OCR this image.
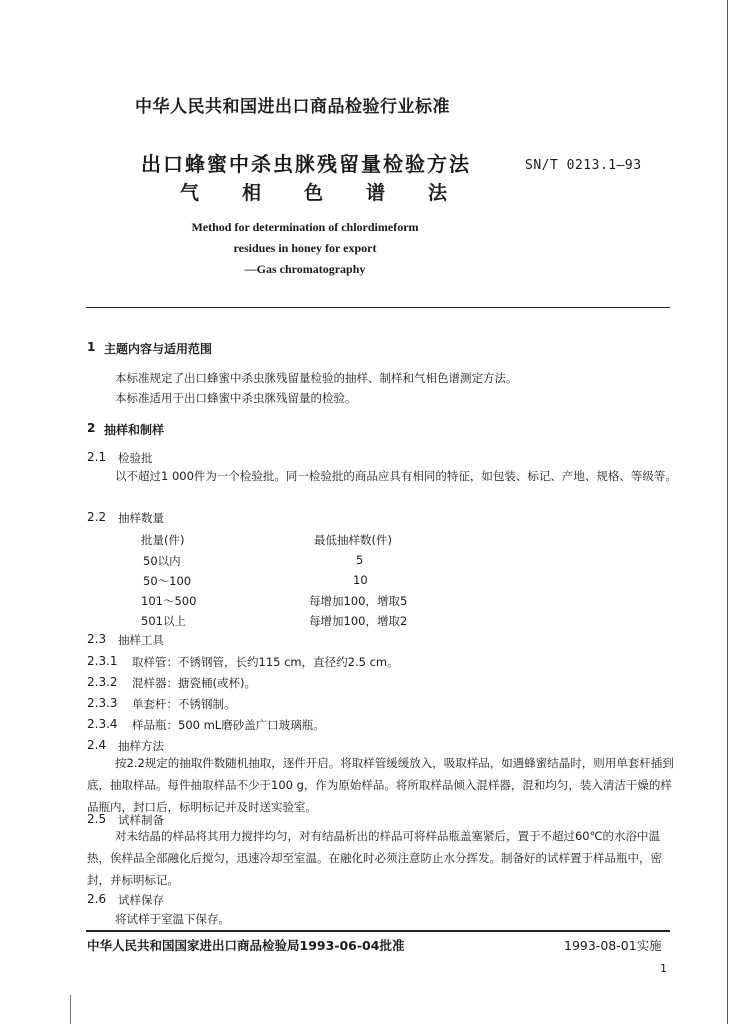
中华人民共和国进出口商品检验行业标准
出口蜂蜜中杀虫脒残留量检验方法	SN/T 0213.1—93
气 相 色 谱 法
Method for determination of chlordimeform
residues in honey for export
—Gas chromatography
1 主题内容与适用范围
本标准规定了出口蜂蜜中杀虫脒残留量检验的抽样、制样和气相色谱测定方法。
本标准适用于出口蜂蜜中杀虫脒残留量的检验。
2 抽样和制样
2.1 检验批
以不超过1 000件为一个检验批。同一检验批的商品应具有相同的特征，如包装、标记、产地、规格、等级等。
2.2 抽样数量
批量(件)	最低抽样数(件)
50以内	5
50～100	10
101～500	每增加100，增取5
501以上	每增加100，增取2
2.3 抽样工具
2.3.1 取样管：不锈钢管，长约115 cm，直径约2.5 cm。
2.3.2 混样器：搪瓷桶(或杯)。
2.3.3 单套杆：不锈钢制。
2.3.4 样品瓶：500 mL磨砂盖广口玻璃瓶。
2.4 抽样方法
按2.2规定的抽取件数随机抽取，逐件开启。将取样管缓缓放入，吸取样品，如遇蜂蜜结晶时，则用单套杆插到底，抽取样品。每件抽取样品不少于100 g，作为原始样品。将所取样品倾入混样器，混和均匀，装入清洁干燥的样品瓶内，封口后，标明标记并及时送实验室。
2.5 试样制备
对未结晶的样品将其用力搅拌均匀，对有结晶析出的样品可将样品瓶盖塞紧后，置于不超过60℃的水浴中温热，俟样品全部融化后搅匀，迅速冷却至室温。在融化时必须注意防止水分挥发。制备好的试样置于样品瓶中，密封，并标明标记。
2.6 试样保存
将试样于室温下保存。
中华人民共和国国家进出口商品检验局1993-06-04批准	1993-08-01实施
1
